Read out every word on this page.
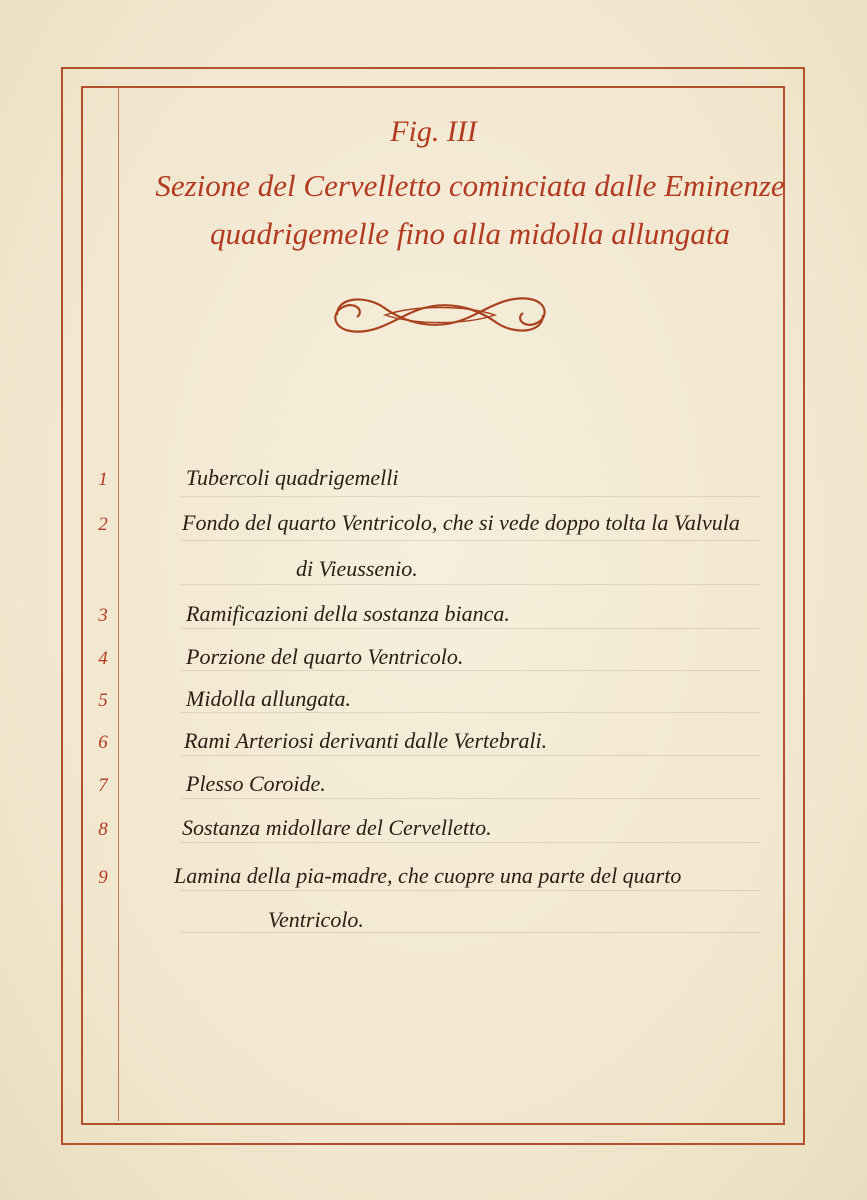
Fig. III
Sezione del Cervelletto cominciata dalle Eminenze
quadrigemelle fino alla midolla allungata
1	Tubercoli quadrigemelli
2	Fondo del quarto Ventricolo, che si vede doppo tolta la Valvula
di Vieussenio.
3	Ramificazioni della sostanza bianca.
4	Porzione del quarto Ventricolo.
5	Midolla allungata.
6	Rami Arteriosi derivanti dalle Vertebrali.
7	Plesso Coroide.
8	Sostanza midollare del Cervelletto.
9	Lamina della pia-madre, che cuopre una parte del quarto
Ventricolo.
